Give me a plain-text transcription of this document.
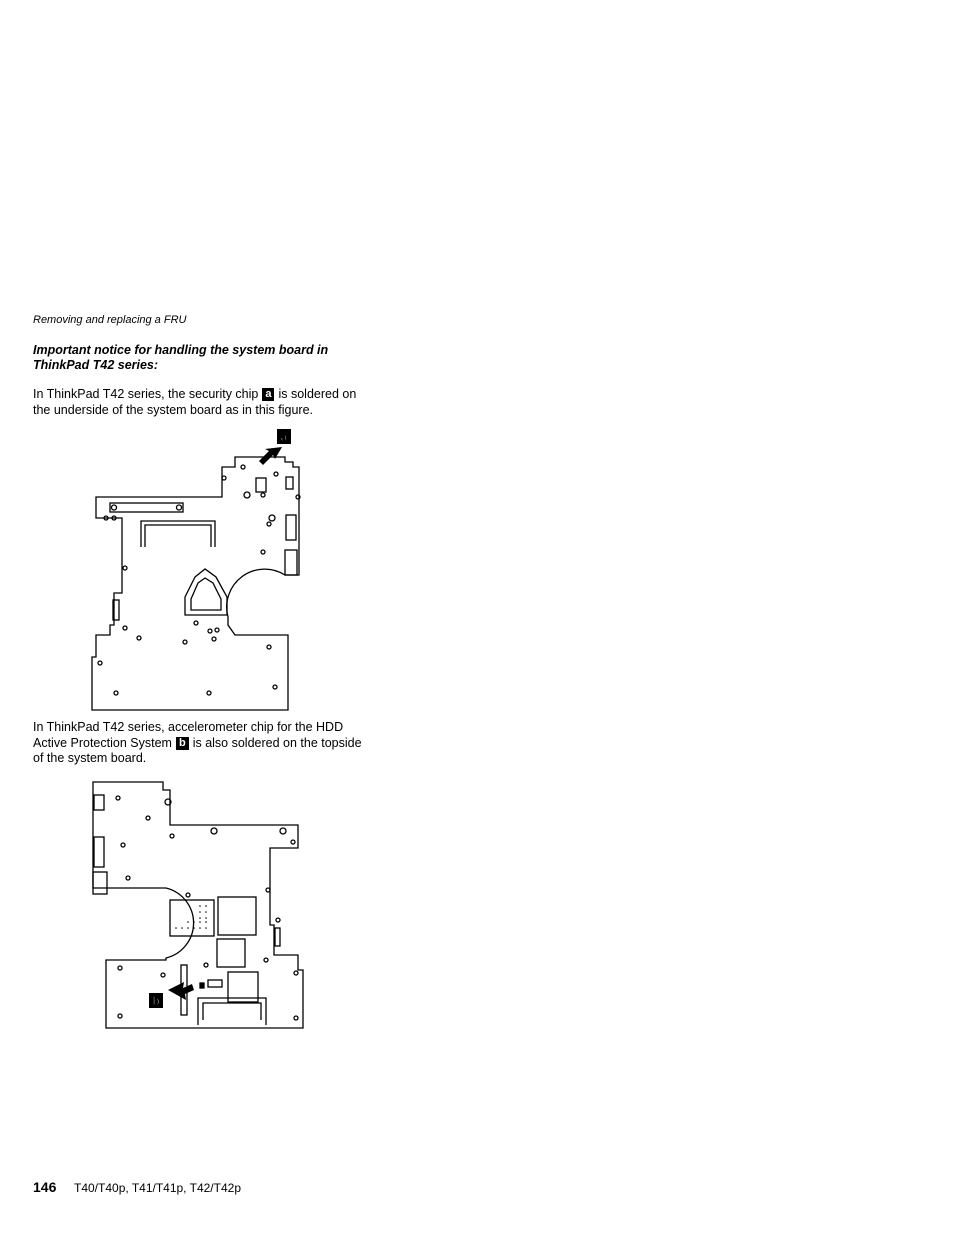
Removing and replacing a FRU
Important notice for handling the system board in ThinkPad T42 series:
In ThinkPad T42 series, the security chip a is soldered on the underside of the system board as in this figure.
a
In ThinkPad T42 series, accelerometer chip for the HDD Active Protection System b is also soldered on the topside of the system board.
b
146 T40/T40p, T41/T41p, T42/T42p
